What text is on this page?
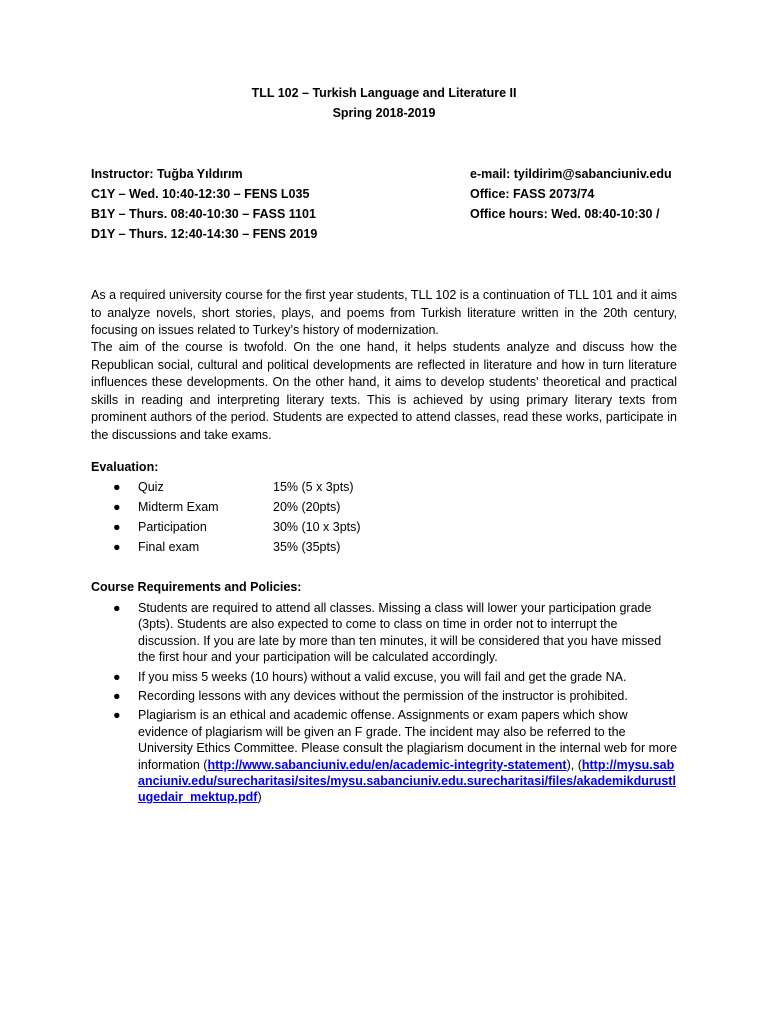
TLL 102 – Turkish Language and Literature II
Spring 2018-2019
Instructor: Tuğba Yıldırım
C1Y – Wed. 10:40-12:30 – FENS L035
B1Y – Thurs. 08:40-10:30 – FASS 1101
D1Y – Thurs. 12:40-14:30 – FENS 2019
e-mail: tyildirim@sabanciuniv.edu
Office: FASS 2073/74
Office hours: Wed. 08:40-10:30 /
As a required university course for the first year students, TLL 102 is a continuation of TLL 101 and it aims to analyze novels, short stories, plays, and poems from Turkish literature written in the 20th century, focusing on issues related to Turkey’s history of modernization.
The aim of the course is twofold. On the one hand, it helps students analyze and discuss how the Republican social, cultural and political developments are reflected in literature and how in turn literature influences these developments. On the other hand, it aims to develop students' theoretical and practical skills in reading and interpreting literary texts. This is achieved by using primary literary texts from prominent authors of the period. Students are expected to attend classes, read these works, participate in the discussions and take exams.
Evaluation:
● Quiz	15% (5 x 3pts)
● Midterm Exam	20% (20pts)
● Participation	30% (10 x 3pts)
● Final exam	35% (35pts)
Course Requirements and Policies:
● Students are required to attend all classes. Missing a class will lower your participation grade (3pts). Students are also expected to come to class on time in order not to interrupt the discussion. If you are late by more than ten minutes, it will be considered that you have missed the first hour and your participation will be calculated accordingly.
● If you miss 5 weeks (10 hours) without a valid excuse, you will fail and get the grade NA.
● Recording lessons with any devices without the permission of the instructor is prohibited.
● Plagiarism is an ethical and academic offense. Assignments or exam papers which show evidence of plagiarism will be given an F grade. The incident may also be referred to the University Ethics Committee. Please consult the plagiarism document in the internal web for more information (http://www.sabanciuniv.edu/en/academic-integrity-statement), (http://mysu.sabanciuniv.edu/surecharitasi/sites/mysu.sabanciuniv.edu.surecharitasi/files/akademikdurustlugedair_mektup.pdf)
